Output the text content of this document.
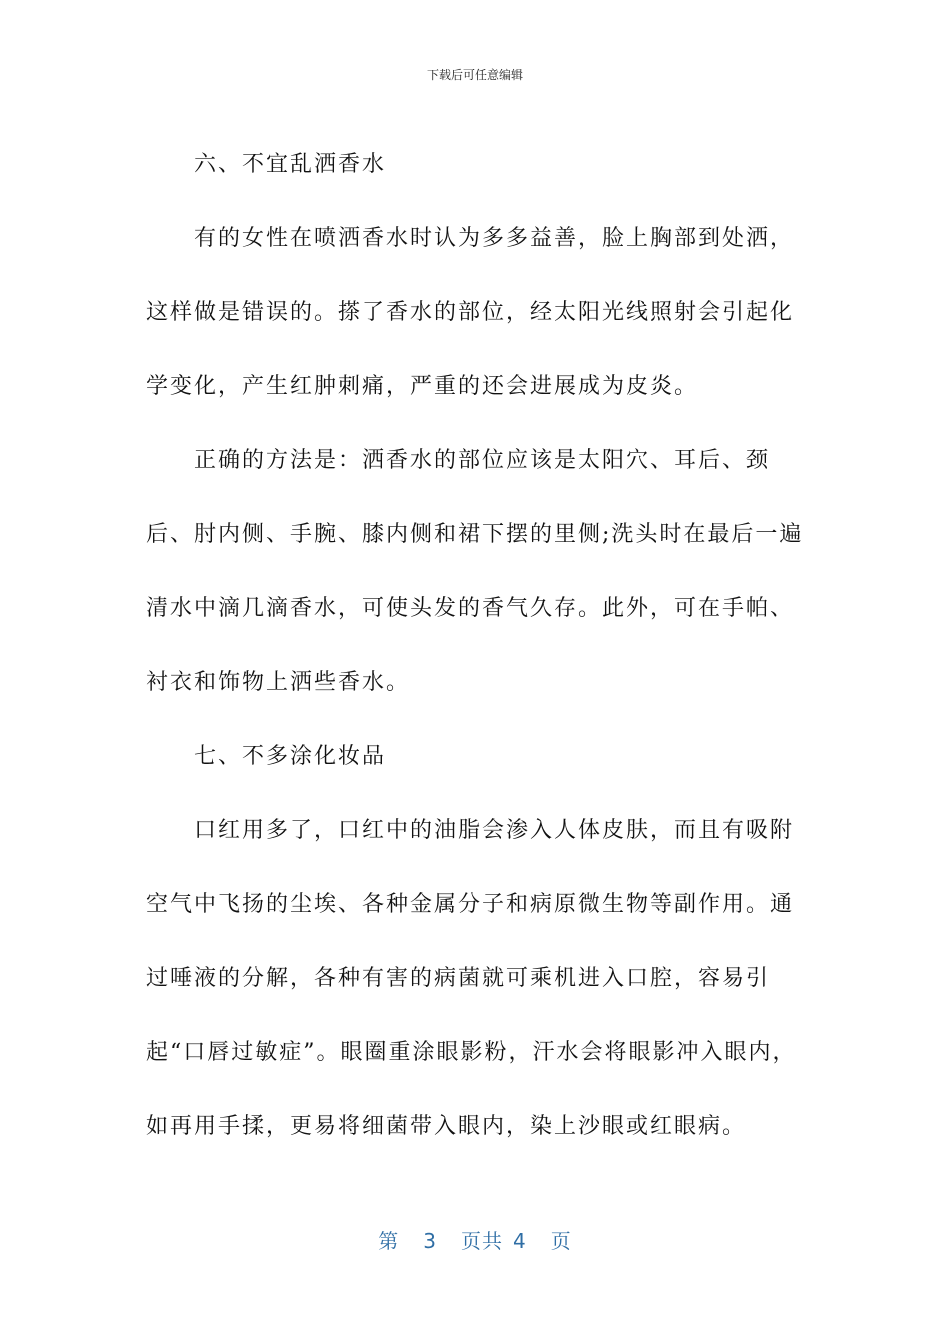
下载后可任意编辑

六、不宜乱洒香水

有的女性在喷洒香水时认为多多益善，脸上胸部到处洒，这样做是错误的。搽了香水的部位，经太阳光线照射会引起化学变化，产生红肿刺痛，严重的还会进展成为皮炎。

正确的方法是：洒香水的部位应该是太阳穴、耳后、颈后、肘内侧、手腕、膝内侧和裙下摆的里侧;洗头时在最后一遍清水中滴几滴香水，可使头发的香气久存。此外，可在手帕、衬衣和饰物上洒些香水。

七、不多涂化妆品

口红用多了，口红中的油脂会渗入人体皮肤，而且有吸附空气中飞扬的尘埃、各种金属分子和病原微生物等副作用。通过唾液的分解，各种有害的病菌就可乘机进入口腔，容易引起“口唇过敏症”。眼圈重涂眼影粉，汗水会将眼影冲入眼内，如再用手揉，更易将细菌带入眼内，染上沙眼或红眼病。

第 3 页共 4 页
